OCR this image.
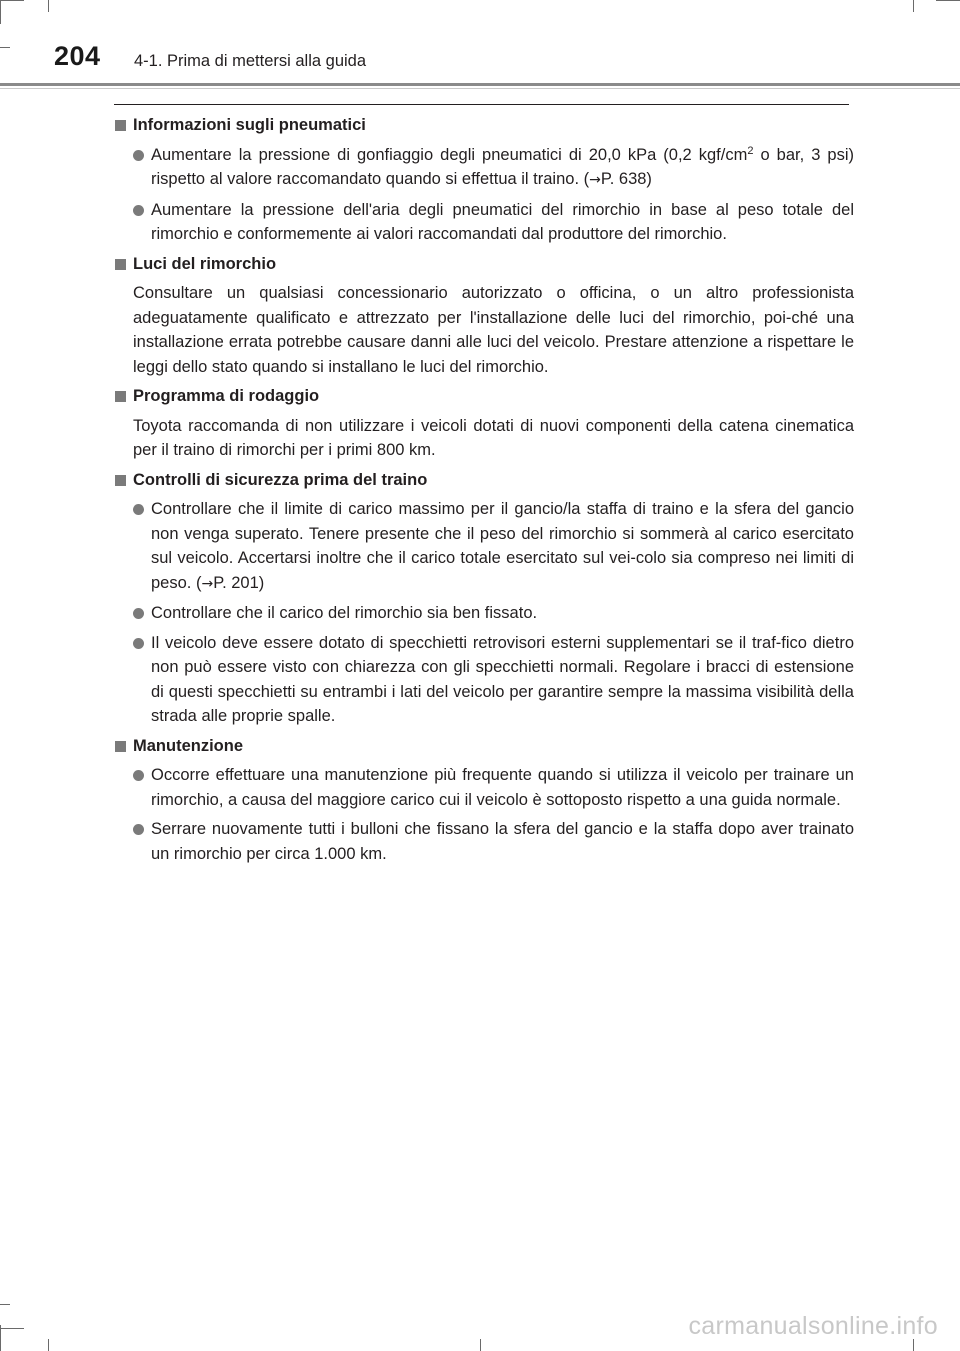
204 4-1. Prima di mettersi alla guida
Informazioni sugli pneumatici
Aumentare la pressione di gonfiaggio degli pneumatici di 20,0 kPa (0,2 kgf/$cm^2$ o bar, 3 psi) rispetto al valore raccomandato quando si effettua il traino. (→P. 638)
Aumentare la pressione dell'aria degli pneumatici del rimorchio in base al peso totale del rimorchio e conformemente ai valori raccomandati dal produttore del rimorchio.
Luci del rimorchio
Consultare un qualsiasi concessionario autorizzato o officina, o un altro professionista adeguatamente qualificato e attrezzato per l'installazione delle luci del rimorchio, poi-ché una installazione errata potrebbe causare danni alle luci del veicolo. Prestare attenzione a rispettare le leggi dello stato quando si installano le luci del rimorchio.
Programma di rodaggio
Toyota raccomanda di non utilizzare i veicoli dotati di nuovi componenti della catena cinematica per il traino di rimorchi per i primi 800 km.
Controlli di sicurezza prima del traino
Controllare che il limite di carico massimo per il gancio/la staffa di traino e la sfera del gancio non venga superato. Tenere presente che il peso del rimorchio si sommerà al carico esercitato sul veicolo. Accertarsi inoltre che il carico totale esercitato sul vei-colo sia compreso nei limiti di peso. (→P. 201)
Controllare che il carico del rimorchio sia ben fissato.
Il veicolo deve essere dotato di specchietti retrovisori esterni supplementari se il traf-fico dietro non può essere visto con chiarezza con gli specchietti normali. Regolare i bracci di estensione di questi specchietti su entrambi i lati del veicolo per garantire sempre la massima visibilità della strada alle proprie spalle.
Manutenzione
Occorre effettuare una manutenzione più frequente quando si utilizza il veicolo per trainare un rimorchio, a causa del maggiore carico cui il veicolo è sottoposto rispetto a una guida normale.
Serrare nuovamente tutti i bulloni che fissano la sfera del gancio e la staffa dopo aver trainato un rimorchio per circa 1.000 km.
carmanualsonline.info
